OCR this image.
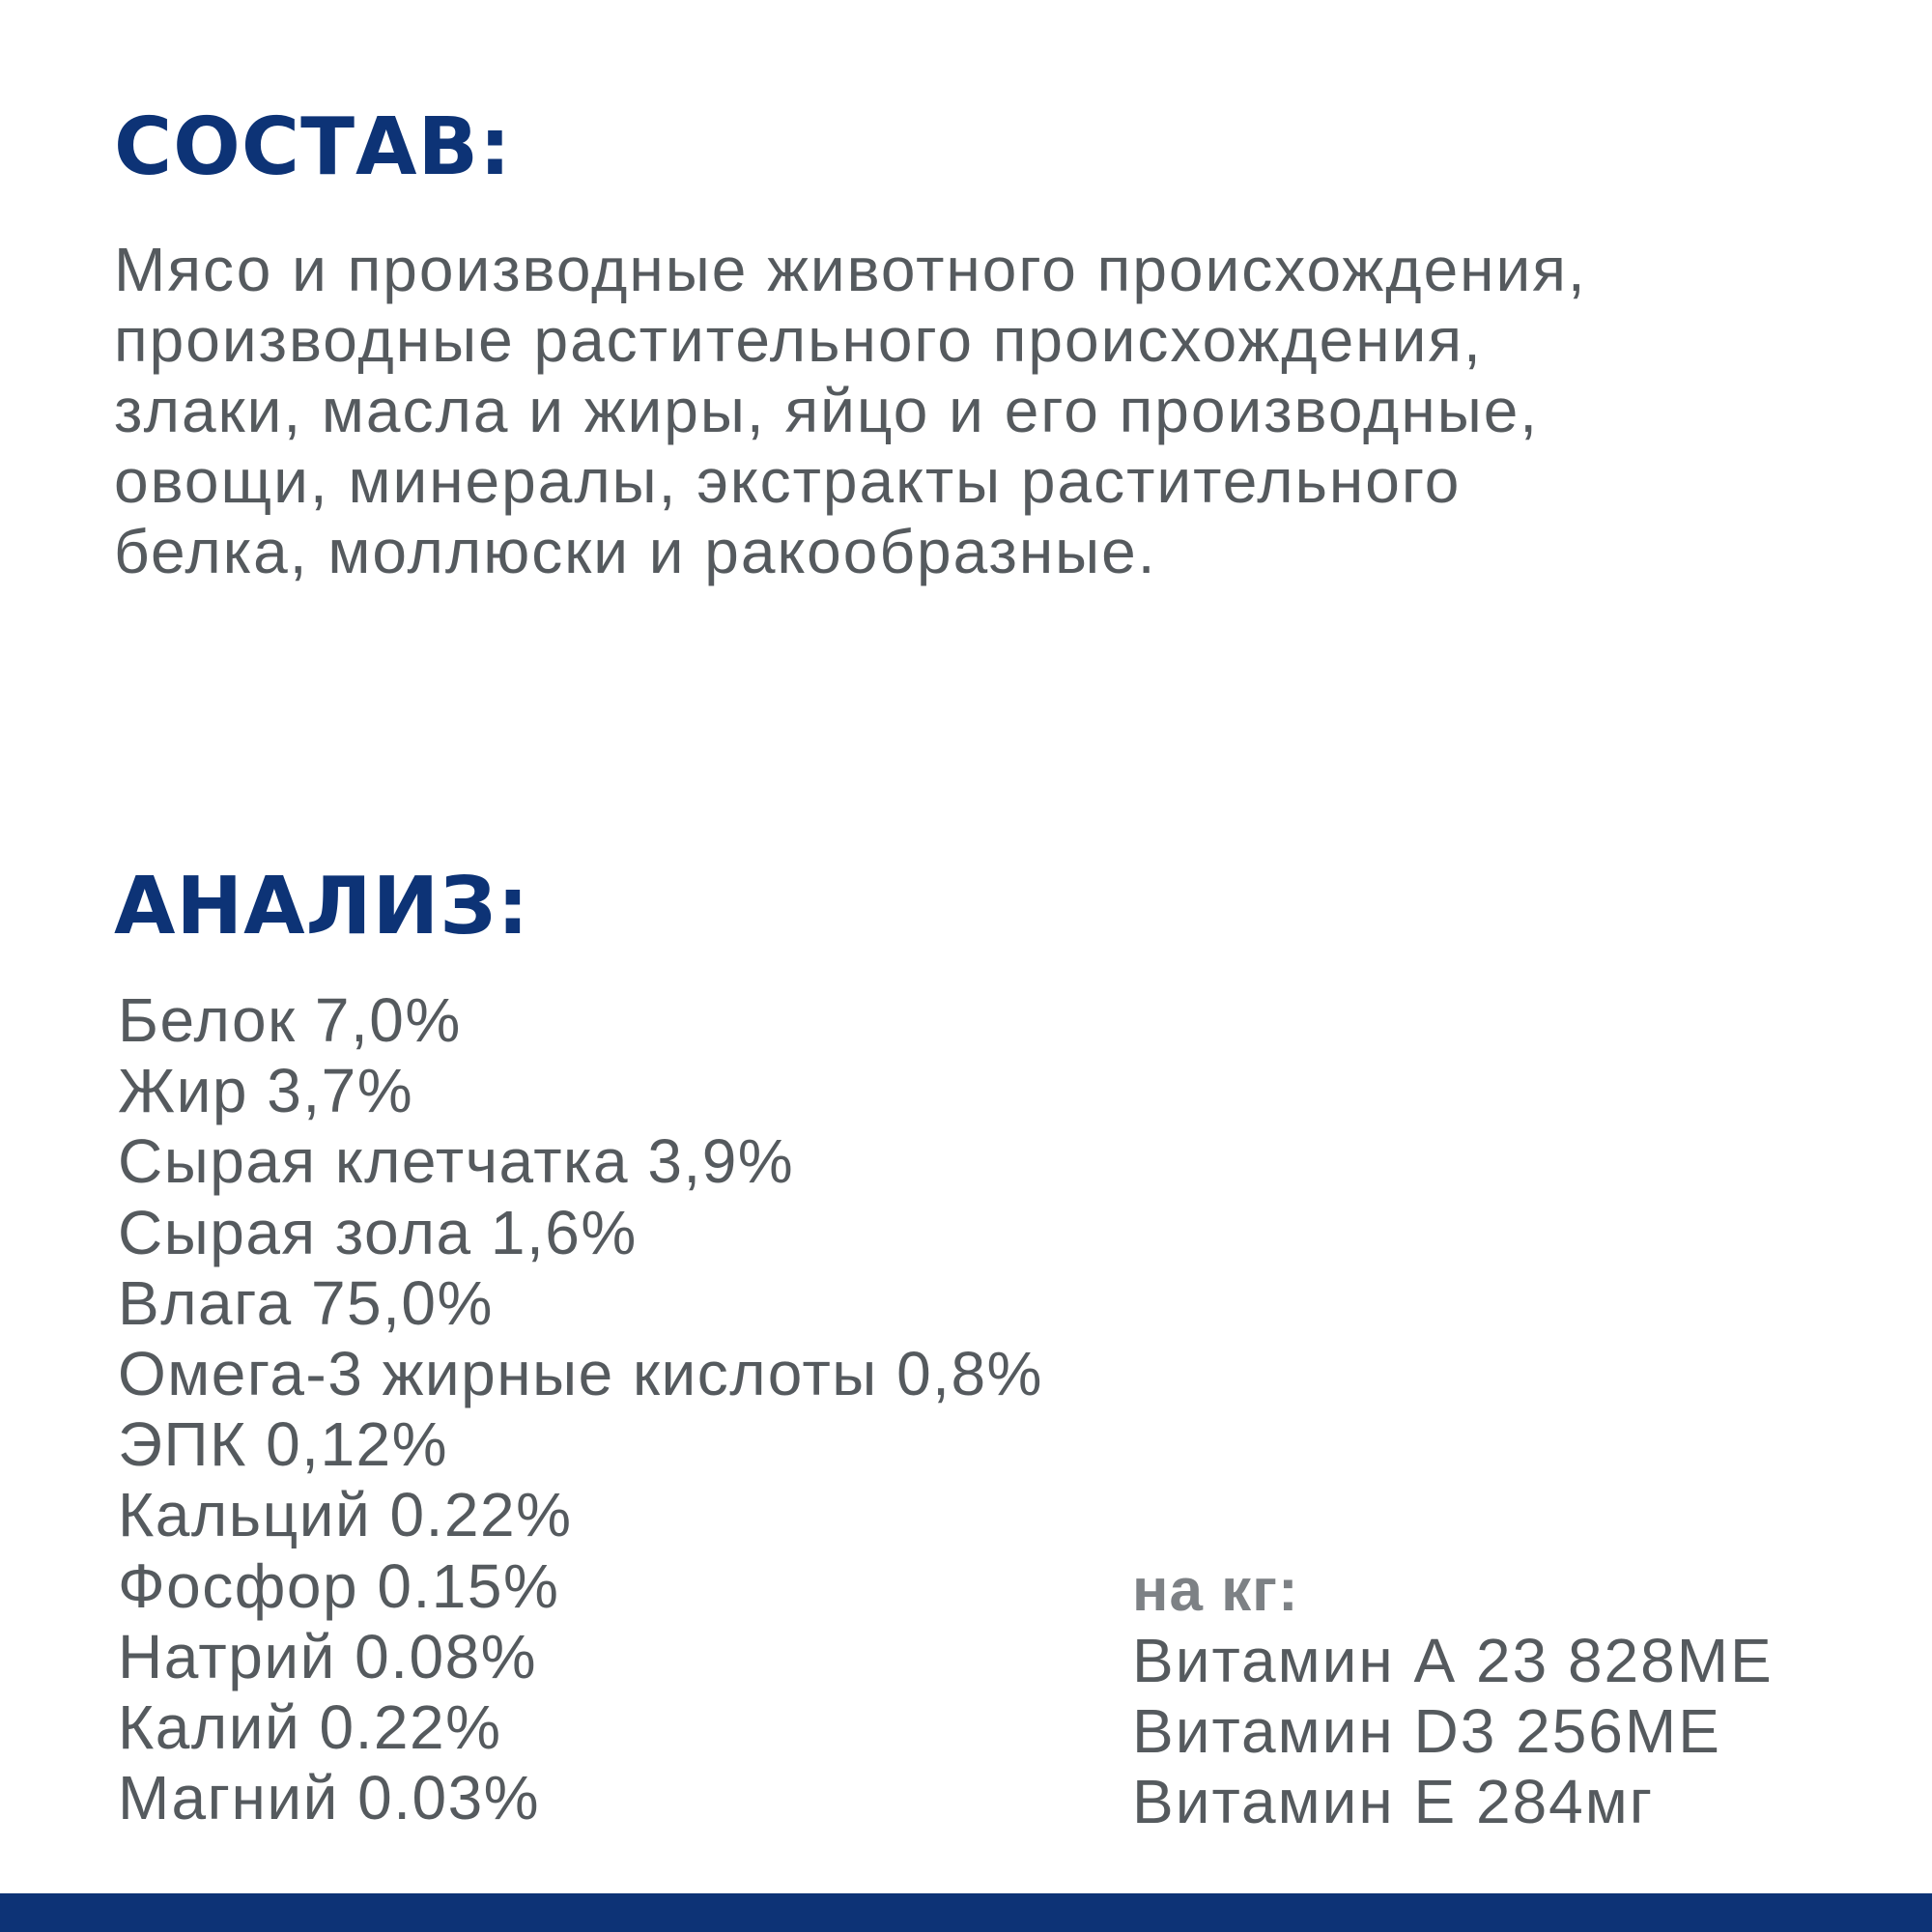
СОСТАВ:

Мясо и производные животного происхождения,
производные растительного происхождения,
злаки, масла и жиры, яйцо и его производные,
овощи, минералы, экстракты растительного
белка, моллюски и ракообразные.

АНАЛИЗ:
Белок 7,0%
Жир 3,7%
Сырая клетчатка 3,9%
Сырая зола 1,6%
Влага 75,0%
Омега-3 жирные кислоты 0,8%
ЭПК 0,12%
Кальций 0.22%
Фосфор 0.15%
Натрий 0.08%
Калий 0.22%
Магний 0.03%
на кг:
Витамин А 23 828МЕ
Витамин D3 256МЕ
Витамин Е 284мг
